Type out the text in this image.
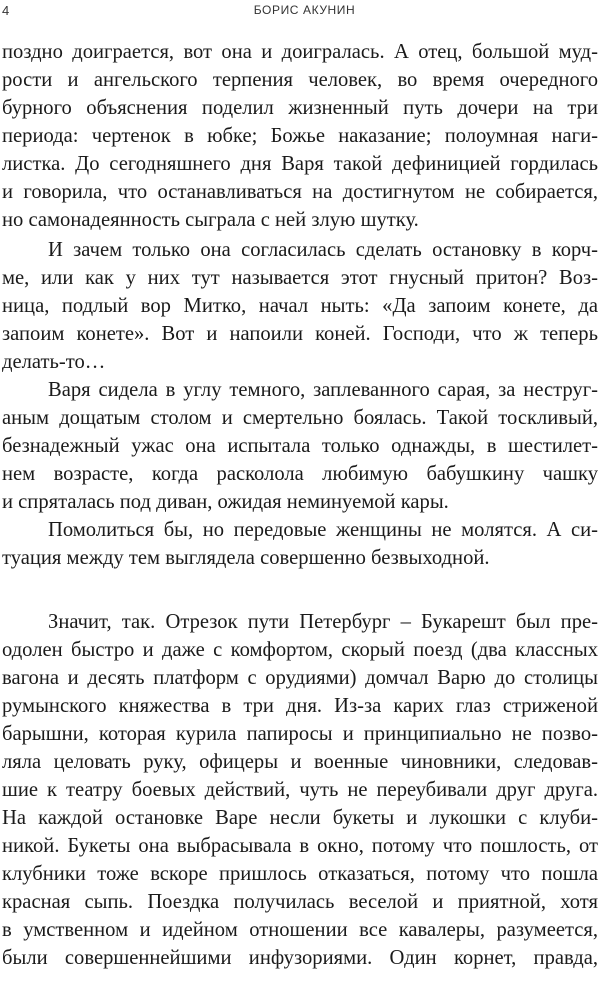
4	БОРИС АКУНИН
поздно доиграется, вот она и доигралась. А отец, большой муд-
рости и ангельского терпения человек, во время очередного
бурного объяснения поделил жизненный путь дочери на три
периода: чертенок в юбке; Божье наказание; полоумная наги-
листка. До сегодняшнего дня Варя такой дефиницией гордилась
и говорила, что останавливаться на достигнутом не собирается,
но самонадеянность сыграла с ней злую шутку.
И зачем только она согласилась сделать остановку в корч-
ме, или как у них тут называется этот гнусный притон? Воз-
ница, подлый вор Митко, начал ныть: «Да запоим конете, да
запоим конете». Вот и напоили коней. Господи, что ж теперь
делать-то…
Варя сидела в углу темного, заплеванного сарая, за неструг-
аным дощатым столом и смертельно боялась. Такой тоскливый,
безнадежный ужас она испытала только однажды, в шестилет-
нем возрасте, когда расколола любимую бабушкину чашку
и спряталась под диван, ожидая неминуемой кары.
Помолиться бы, но передовые женщины не молятся. А си-
туация между тем выглядела совершенно безвыходной.
Значит, так. Отрезок пути Петербург – Букарешт был пре-
одолен быстро и даже с комфортом, скорый поезд (два классных
вагона и десять платформ с орудиями) домчал Варю до столицы
румынского княжества в три дня. Из-за карих глаз стриженой
барышни, которая курила папиросы и принципиально не позво-
ляла целовать руку, офицеры и военные чиновники, следовав-
шие к театру боевых действий, чуть не переубивали друг друга.
На каждой остановке Варе несли букеты и лукошки с клуби-
никой. Букеты она выбрасывала в окно, потому что пошлость, от
клубники тоже вскоре пришлось отказаться, потому что пошла
красная сыпь. Поездка получилась веселой и приятной, хотя
в умственном и идейном отношении все кавалеры, разумеется,
были совершеннейшими инфузориями. Один корнет, правда,
